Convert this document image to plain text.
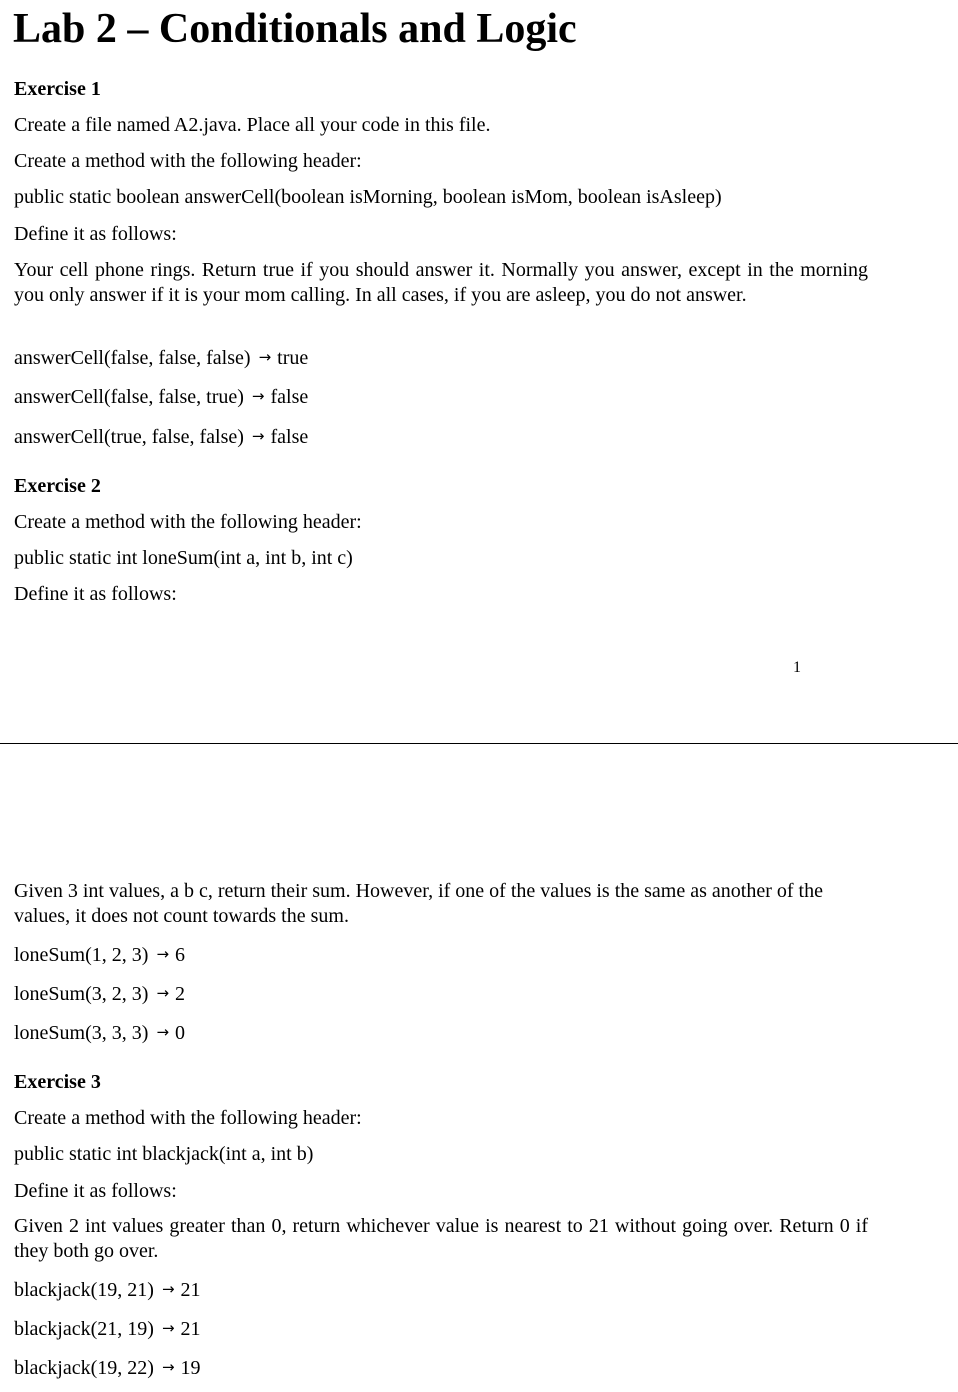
Lab 2 – Conditionals and Logic

Exercise 1

Create a file named A2.java. Place all your code in this file.

Create a method with the following header:

public static boolean answerCell(boolean isMorning, boolean isMom, boolean isAsleep)

Define it as follows:

Your cell phone rings. Return true if you should answer it. Normally you answer, except in the morning you only answer if it is your mom calling. In all cases, if you are asleep, you do not answer.

answerCell(false, false, false) → true

answerCell(false, false, true) → false

answerCell(true, false, false) → false

Exercise 2

Create a method with the following header:

public static int loneSum(int a, int b, int c)

Define it as follows:

1

Given 3 int values, a b c, return their sum. However, if one of the values is the same as another of the values, it does not count towards the sum.

loneSum(1, 2, 3) → 6

loneSum(3, 2, 3) → 2

loneSum(3, 3, 3) → 0

Exercise 3

Create a method with the following header:

public static int blackjack(int a, int b)

Define it as follows:

Given 2 int values greater than 0, return whichever value is nearest to 21 without going over. Return 0 if they both go over.

blackjack(19, 21) → 21

blackjack(21, 19) → 21

blackjack(19, 22) → 19
